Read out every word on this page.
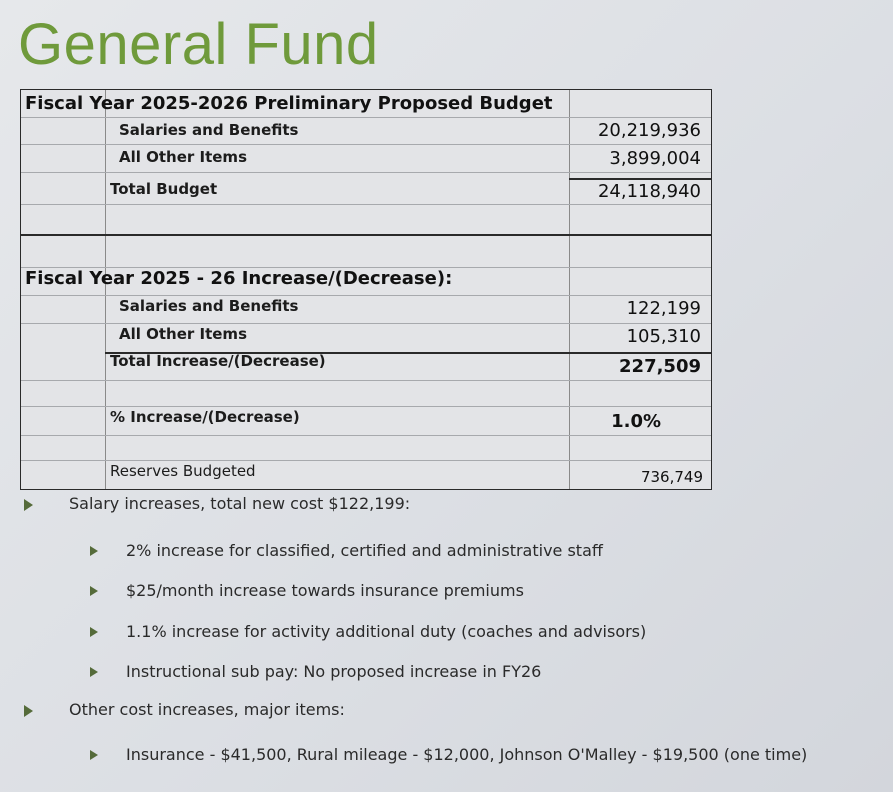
General Fund
Fiscal Year 2025-2026 Preliminary Proposed Budget
Salaries and Benefits	20,219,936
All Other Items	3,899,004
Total Budget	24,118,940
Fiscal Year 2025 - 26 Increase/(Decrease):
Salaries and Benefits	122,199
All Other Items	105,310
Total Increase/(Decrease)	227,509
% Increase/(Decrease)	1.0%
Reserves Budgeted	736,749
Salary increases, total new cost $122,199:
2% increase for classified, certified and administrative staff
$25/month increase towards insurance premiums
1.1% increase for activity additional duty (coaches and advisors)
Instructional sub pay: No proposed increase in FY26
Other cost increases, major items:
Insurance - $41,500, Rural mileage - $12,000, Johnson O'Malley - $19,500 (one time)
